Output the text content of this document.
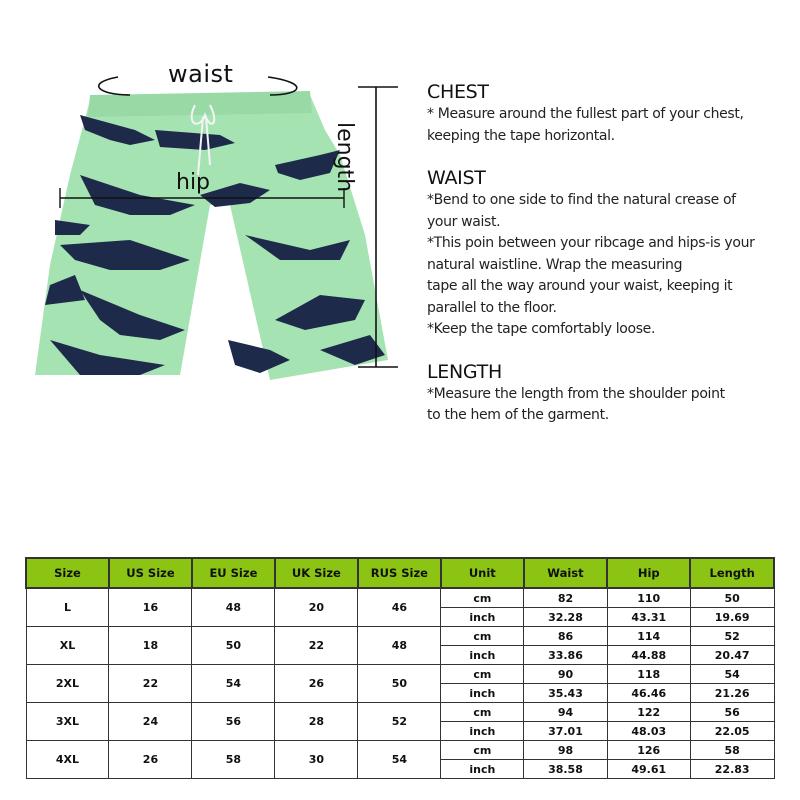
waist
hip	length
CHEST

* Measure around the fullest part of your chest,

keeping the tape horizontal.

WAIST

*Bend to one side to find the natural crease of

your waist.

*This poin between your ribcage and hips-is your

natural waistline. Wrap the measuring

tape all the way around your waist, keeping it

parallel to the floor.

*Keep the tape comfortably loose.

LENGTH

*Measure the length from the shoulder point

to the hem of the garment.

Size	US Size	EU Size	UK Size	RUS Size	Unit	Waist	Hip	Length
L	16	48	20	46	cm	82	110	50
					inch	32.28	43.31	19.69
XL	18	50	22	48	cm	86	114	52
					inch	33.86	44.88	20.47
2XL	22	54	26	50	cm	90	118	54
					inch	35.43	46.46	21.26
3XL	24	56	28	52	cm	94	122	56
					inch	37.01	48.03	22.05
4XL	26	58	30	54	cm	98	126	58
					inch	38.58	49.61	22.83
